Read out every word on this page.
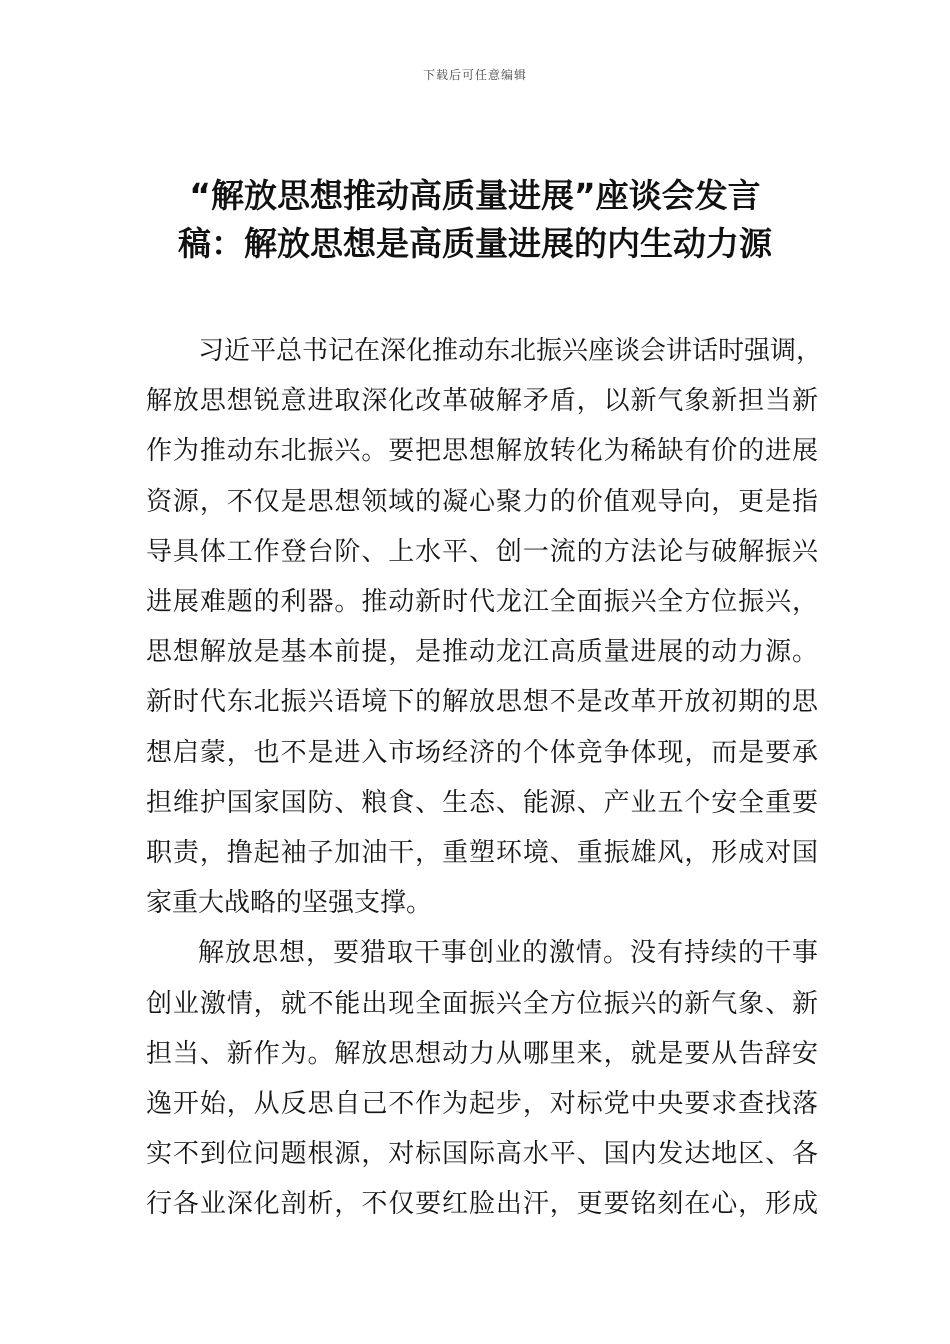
下载后可任意编辑
“解放思想推动高质量进展”座谈会发言
稿：解放思想是高质量进展的内生动力源

习近平总书记在深化推动东北振兴座谈会讲话时强调，
解放思想锐意进取深化改革破解矛盾，以新气象新担当新
作为推动东北振兴。要把思想解放转化为稀缺有价的进展
资源，不仅是思想领域的凝心聚力的价值观导向，更是指
导具体工作登台阶、上水平、创一流的方法论与破解振兴
进展难题的利器。推动新时代龙江全面振兴全方位振兴，
思想解放是基本前提，是推动龙江高质量进展的动力源。
新时代东北振兴语境下的解放思想不是改革开放初期的思
想启蒙，也不是进入市场经济的个体竞争体现，而是要承
担维护国家国防、粮食、生态、能源、产业五个安全重要
职责，撸起袖子加油干，重塑环境、重振雄风，形成对国
家重大战略的坚强支撑。

解放思想，要猎取干事创业的激情。没有持续的干事
创业激情，就不能出现全面振兴全方位振兴的新气象、新
担当、新作为。解放思想动力从哪里来，就是要从告辞安
逸开始，从反思自己不作为起步，对标党中央要求查找落
实不到位问题根源，对标国际高水平、国内发达地区、各
行各业深化剖析，不仅要红脸出汗，更要铭刻在心，形成
